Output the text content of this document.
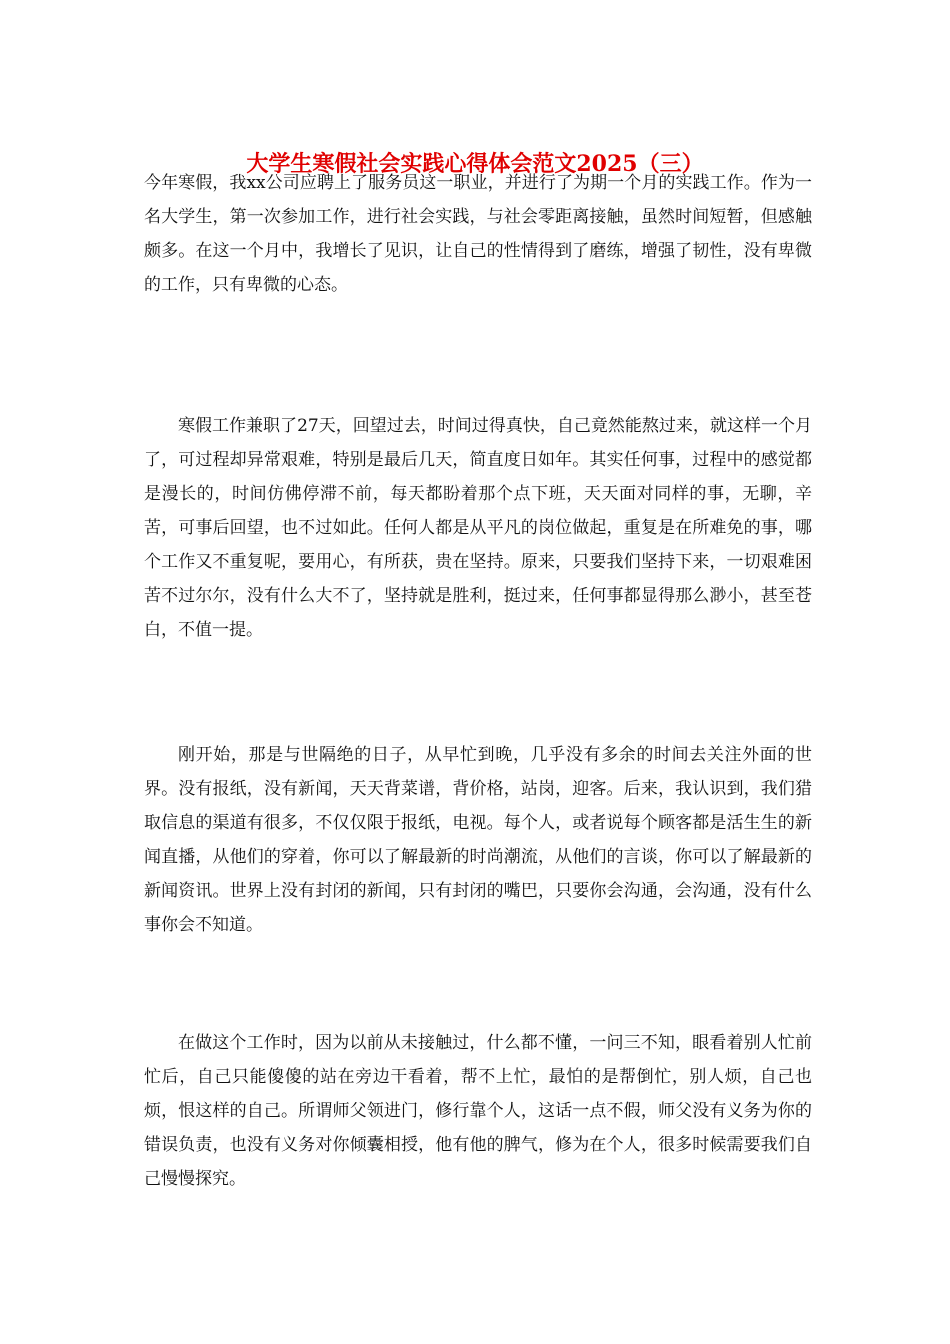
大学生寒假社会实践心得体会范文2025（三）

今年寒假，我xx公司应聘上了服务员这一职业，并进行了为期一个月的实践工作。作为一名大学生，第一次参加工作，进行社会实践，与社会零距离接触，虽然时间短暂，但感触颇多。在这一个月中，我增长了见识，让自己的性情得到了磨练，增强了韧性，没有卑微的工作，只有卑微的心态。

寒假工作兼职了27天，回望过去，时间过得真快，自己竟然能熬过来，就这样一个月了，可过程却异常艰难，特别是最后几天，简直度日如年。其实任何事，过程中的感觉都是漫长的，时间仿佛停滞不前，每天都盼着那个点下班，天天面对同样的事，无聊，辛苦，可事后回望，也不过如此。任何人都是从平凡的岗位做起，重复是在所难免的事，哪个工作又不重复呢，要用心，有所获，贵在坚持。原来，只要我们坚持下来，一切艰难困苦不过尔尔，没有什么大不了，坚持就是胜利，挺过来，任何事都显得那么渺小，甚至苍白，不值一提。

刚开始，那是与世隔绝的日子，从早忙到晚，几乎没有多余的时间去关注外面的世界。没有报纸，没有新闻，天天背菜谱，背价格，站岗，迎客。后来，我认识到，我们猎取信息的渠道有很多，不仅仅限于报纸，电视。每个人，或者说每个顾客都是活生生的新闻直播，从他们的穿着，你可以了解最新的时尚潮流，从他们的言谈，你可以了解最新的新闻资讯。世界上没有封闭的新闻，只有封闭的嘴巴，只要你会沟通，会沟通，没有什么事你会不知道。

在做这个工作时，因为以前从未接触过，什么都不懂，一问三不知，眼看着别人忙前忙后，自己只能傻傻的站在旁边干看着，帮不上忙，最怕的是帮倒忙，别人烦，自己也烦，恨这样的自己。所谓师父领进门，修行靠个人，这话一点不假，师父没有义务为你的错误负责，也没有义务对你倾囊相授，他有他的脾气，修为在个人，很多时候需要我们自己慢慢探究。
